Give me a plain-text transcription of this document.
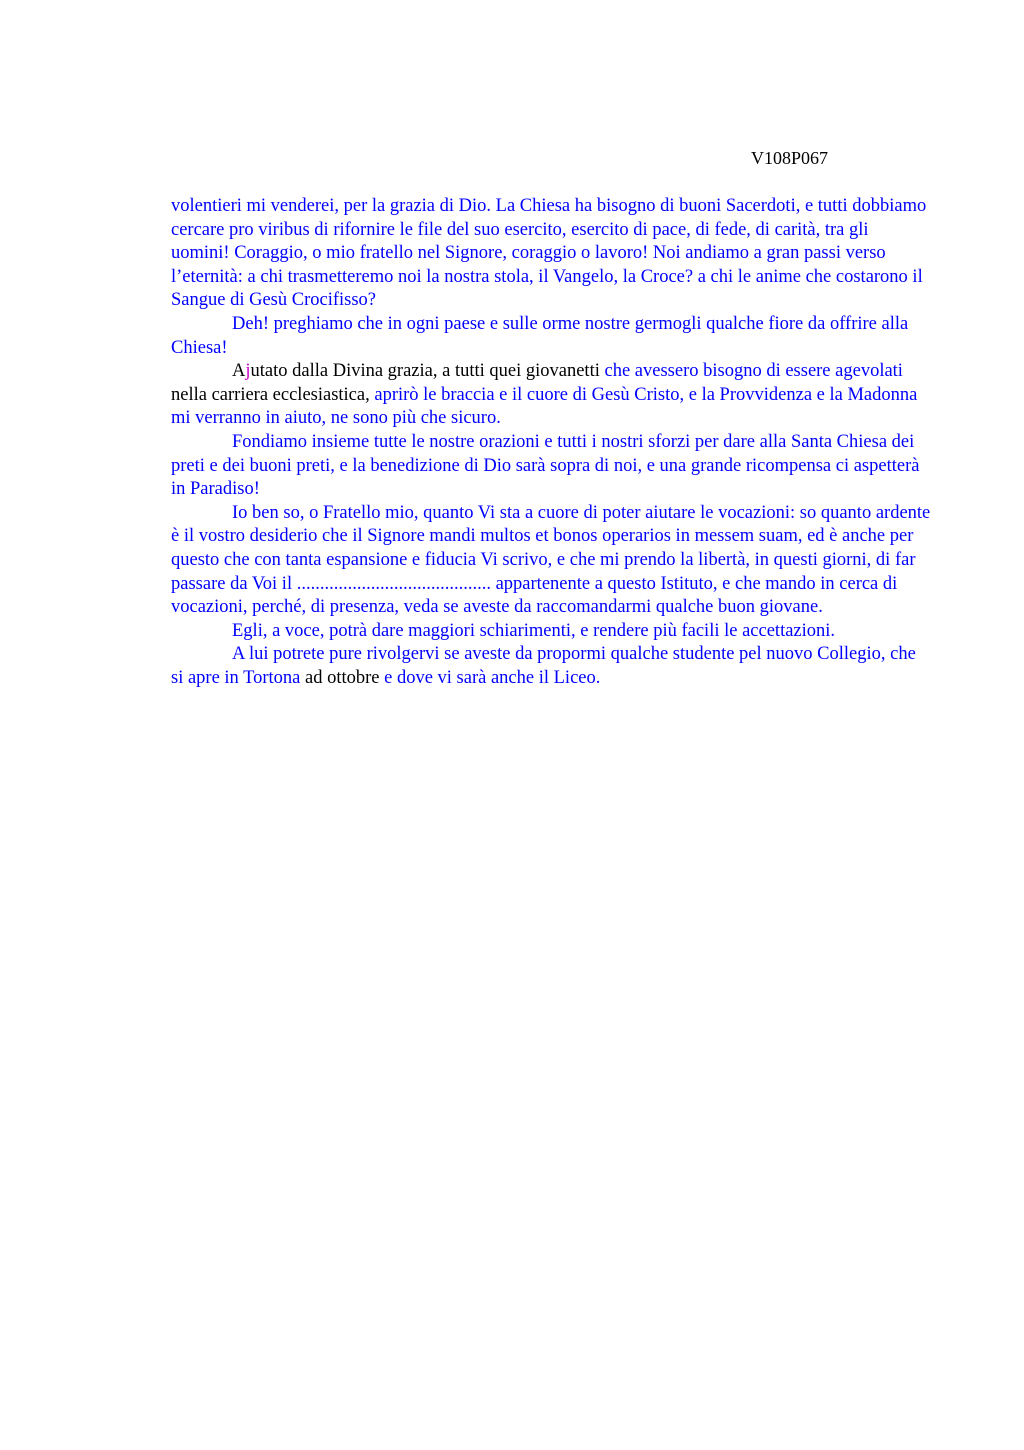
V108P067

volentieri mi venderei, per la grazia di Dio. La Chiesa ha bisogno di buoni Sacerdoti, e tutti dobbiamo cercare pro viribus di rifornire le file del suo esercito, esercito di pace, di fede, di carità, tra gli uomini! Coraggio, o mio fratello nel Signore, coraggio o lavoro! Noi andiamo a gran passi verso l’eternità: a chi trasmetteremo noi la nostra stola, il Vangelo, la Croce? a chi le anime che costarono il Sangue di Gesù Crocifisso?

Deh! preghiamo che in ogni paese e sulle orme nostre germogli qualche fiore da offrire alla Chiesa!

Ajutato dalla Divina grazia, a tutti quei giovanetti che avessero bisogno di essere agevolati nella carriera ecclesiastica, aprirò le braccia e il cuore di Gesù Cristo, e la Provvidenza e la Madonna mi verranno in aiuto, ne sono più che sicuro.

Fondiamo insieme tutte le nostre orazioni e tutti i nostri sforzi per dare alla Santa Chiesa dei preti e dei buoni preti, e la benedizione di Dio sarà sopra di noi, e una grande ricompensa ci aspetterà in Paradiso!

Io ben so, o Fratello mio, quanto Vi sta a cuore di poter aiutare le vocazioni: so quanto ardente è il vostro desiderio che il Signore mandi multos et bonos operarios in messem suam, ed è anche per questo che con tanta espansione e fiducia Vi scrivo, e che mi prendo la libertà, in questi giorni, di far passare da Voi il .......................................... appartenente a questo Istituto, e che mando in cerca di vocazioni, perché, di presenza, veda se aveste da raccomandarmi qualche buon giovane.

Egli, a voce, potrà dare maggiori schiarimenti, e rendere più facili le accettazioni.

A lui potrete pure rivolgervi se aveste da propormi qualche studente pel nuovo Collegio, che si apre in Tortona ad ottobre e dove vi sarà anche il Liceo.
